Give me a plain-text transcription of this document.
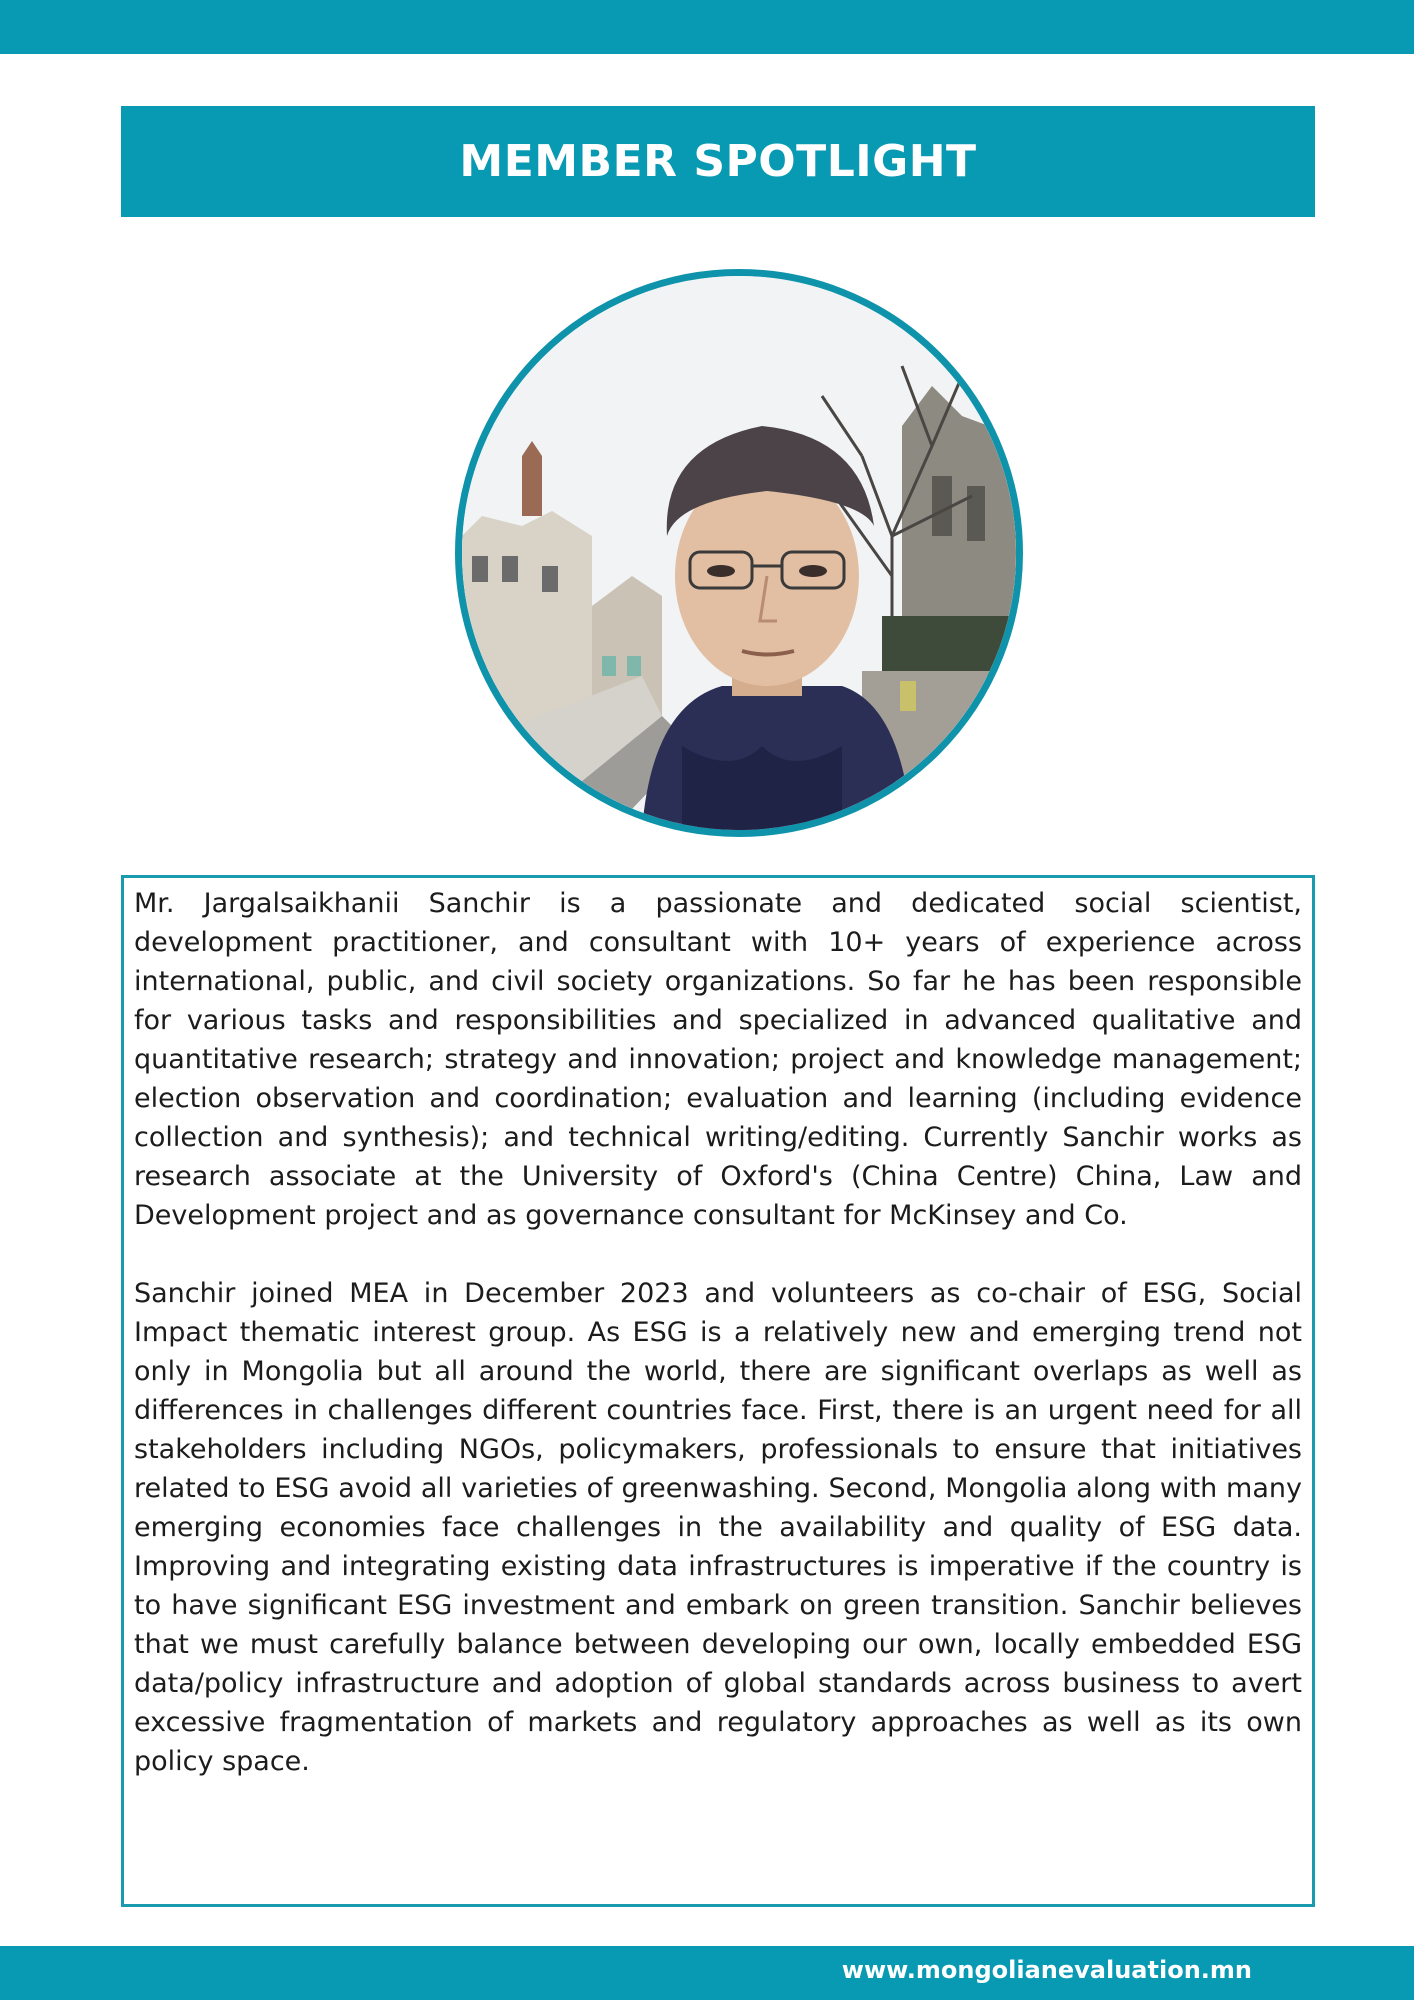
MEMBER SPOTLIGHT

Mr. Jargalsaikhanii Sanchir is a passionate and dedicated social scientist, development practitioner, and consultant with 10+ years of experience across international, public, and civil society organizations. So far he has been responsible for various tasks and responsibilities and specialized in advanced qualitative and quantitative research; strategy and innovation; project and knowledge management; election observation and coordination; evaluation and learning (including evidence collection and synthesis); and technical writing/editing. Currently Sanchir works as research associate at the University of Oxford's (China Centre) China, Law and Development project and as governance consultant for McKinsey and Co.

Sanchir joined MEA in December 2023 and volunteers as co-chair of ESG, Social Impact thematic interest group. As ESG is a relatively new and emerging trend not only in Mongolia but all around the world, there are significant overlaps as well as differences in challenges different countries face. First, there is an urgent need for all stakeholders including NGOs, policymakers, professionals to ensure that initiatives related to ESG avoid all varieties of greenwashing. Second, Mongolia along with many emerging economies face challenges in the availability and quality of ESG data. Improving and integrating existing data infrastructures is imperative if the country is to have significant ESG investment and embark on green transition. Sanchir believes that we must carefully balance between developing our own, locally embedded ESG data/policy infrastructure and adoption of global standards across business to avert excessive fragmentation of markets and regulatory approaches as well as its own policy space.

www.mongolianevaluation.mn
